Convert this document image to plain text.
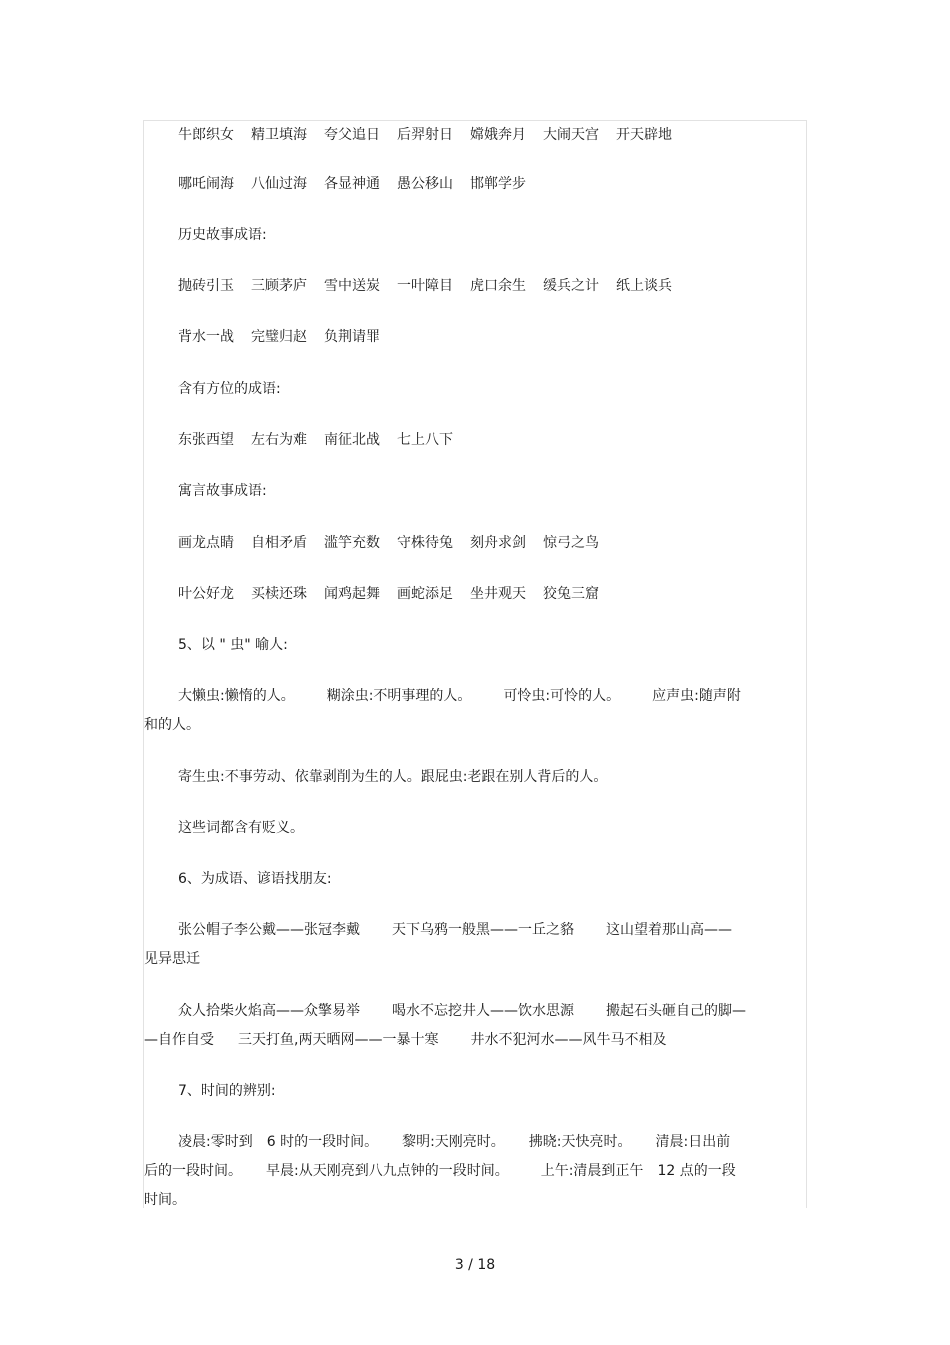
牛郎织女 精卫填海 夸父追日 后羿射日 嫦娥奔月 大闹天宫 开天辟地

哪吒闹海 八仙过海 各显神通 愚公移山 邯郸学步

历史故事成语:

抛砖引玉 三顾茅庐 雪中送炭 一叶障目 虎口余生 缓兵之计 纸上谈兵

背水一战 完璧归赵 负荆请罪

含有方位的成语:

东张西望 左右为难 南征北战 七上八下

寓言故事成语:

画龙点睛 自相矛盾 滥竽充数 守株待兔 刻舟求剑 惊弓之鸟

叶公好龙 买椟还珠 闻鸡起舞 画蛇添足 坐井观天 狡兔三窟

5、以 " 虫" 喻人:

大懒虫:懒惰的人。 糊涂虫:不明事理的人。 可怜虫:可怜的人。 应声虫:随声附
和的人。

寄生虫:不事劳动、依靠剥削为生的人。跟屁虫:老跟在别人背后的人。

这些词都含有贬义。

6、为成语、谚语找朋友:

张公帽子李公戴——张冠李戴 天下乌鸦一般黑——一丘之貉 这山望着那山高——
见异思迁
众人拾柴火焰高——众擎易举 喝水不忘挖井人——饮水思源 搬起石头砸自己的脚—
—自作自受 三天打鱼,两天晒网——一暴十寒 井水不犯河水——风牛马不相及

7、时间的辨别:

凌晨:零时到 6 时的一段时间。 黎明:天刚亮时。 拂晓:天快亮时。 清晨:日出前
后的一段时间。 早晨:从天刚亮到八九点钟的一段时间。 上午:清晨到正午 12 点的一段
时间。
3 / 18
